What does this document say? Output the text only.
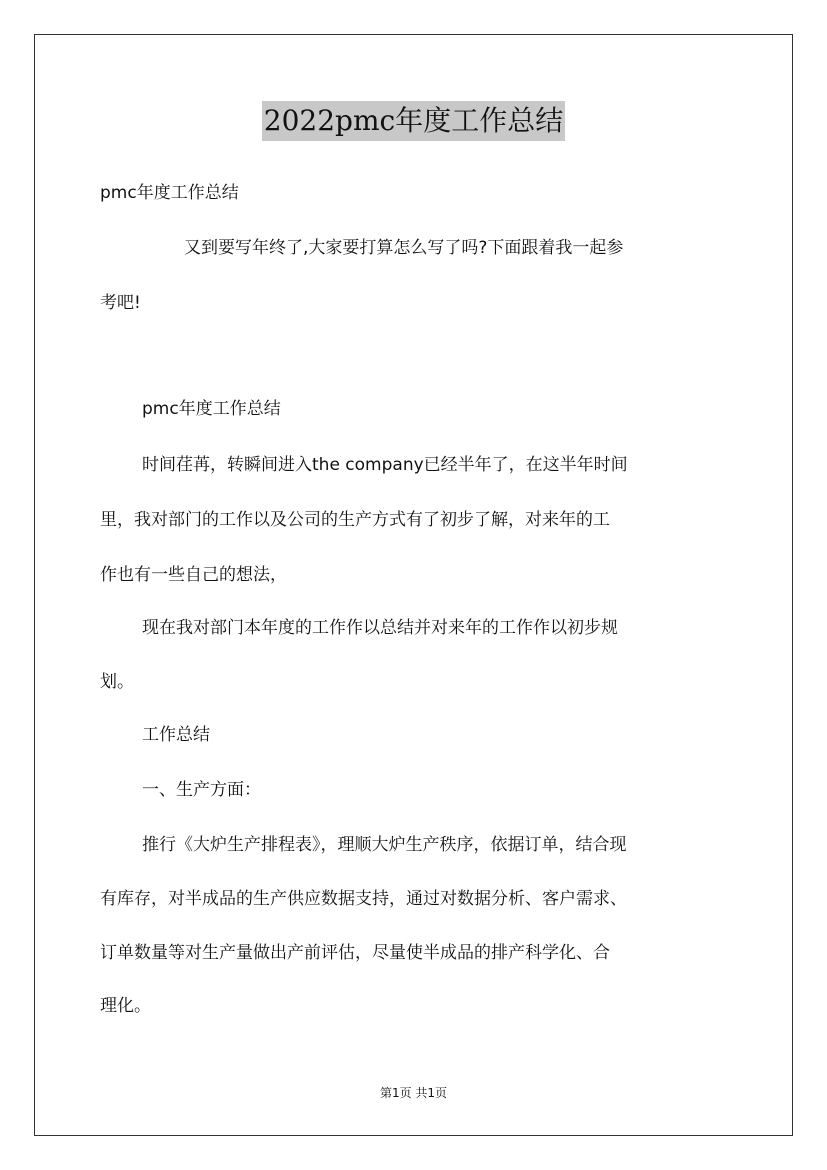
2022pmc年度工作总结
pmc年度工作总结
又到要写年终了,大家要打算怎么写了吗?下面跟着我一起参
考吧!
pmc年度工作总结
时间荏苒，转瞬间进入the company已经半年了，在这半年时间
里，我对部门的工作以及公司的生产方式有了初步了解，对来年的工
作也有一些自己的想法，
现在我对部门本年度的工作作以总结并对来年的工作作以初步规
划。
工作总结
一、生产方面：
推行《大炉生产排程表》，理顺大炉生产秩序，依据订单，结合现
有库存，对半成品的生产供应数据支持，通过对数据分析、客户需求、
订单数量等对生产量做出产前评估，尽量使半成品的排产科学化、合
理化。
第1页 共1页
